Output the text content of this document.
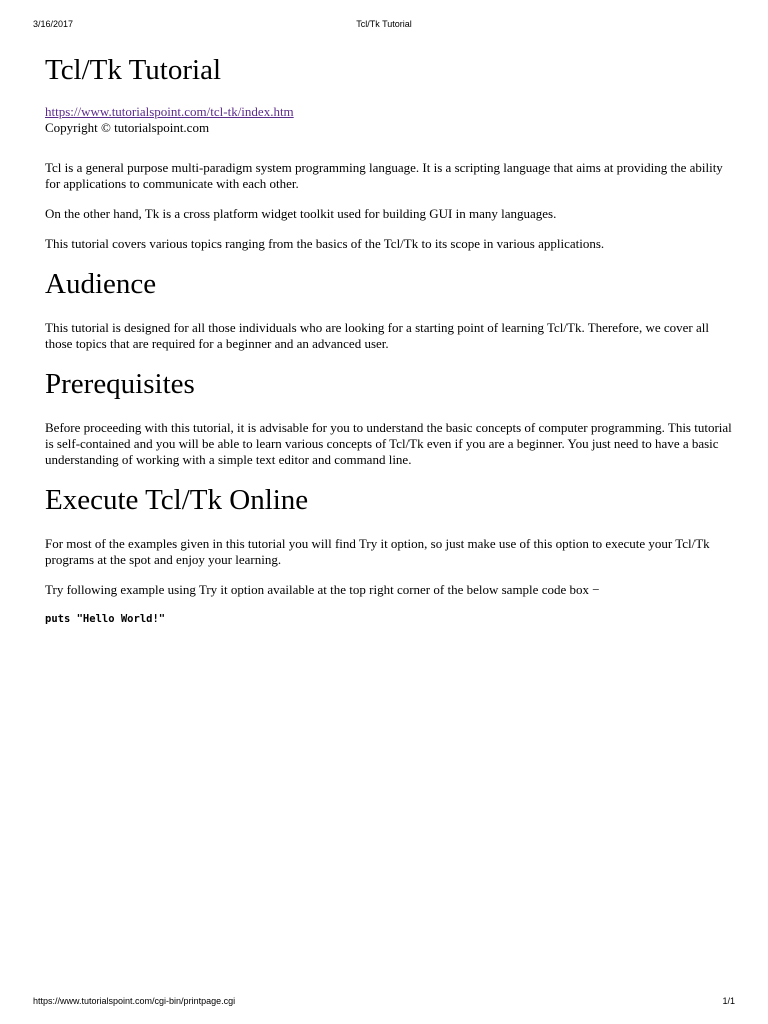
3/16/2017	Tcl/Tk Tutorial
Tcl/Tk Tutorial
https://www.tutorialspoint.com/tcl-tk/index.htm
Copyright © tutorialspoint.com

Tcl is a general purpose multi-paradigm system programming language. It is a scripting language that aims at providing the ability for applications to communicate with each other.

On the other hand, Tk is a cross platform widget toolkit used for building GUI in many languages.

This tutorial covers various topics ranging from the basics of the Tcl/Tk to its scope in various applications.

Audience

This tutorial is designed for all those individuals who are looking for a starting point of learning Tcl/Tk. Therefore, we cover all those topics that are required for a beginner and an advanced user.

Prerequisites

Before proceeding with this tutorial, it is advisable for you to understand the basic concepts of computer programming. This tutorial is self-contained and you will be able to learn various concepts of Tcl/Tk even if you are a beginner. You just need to have a basic understanding of working with a simple text editor and command line.

Execute Tcl/Tk Online

For most of the examples given in this tutorial you will find Try it option, so just make use of this option to execute your Tcl/Tk programs at the spot and enjoy your learning.

Try following example using Try it option available at the top right corner of the below sample code box −

puts "Hello World!"
https://www.tutorialspoint.com/cgi-bin/printpage.cgi	1/1
